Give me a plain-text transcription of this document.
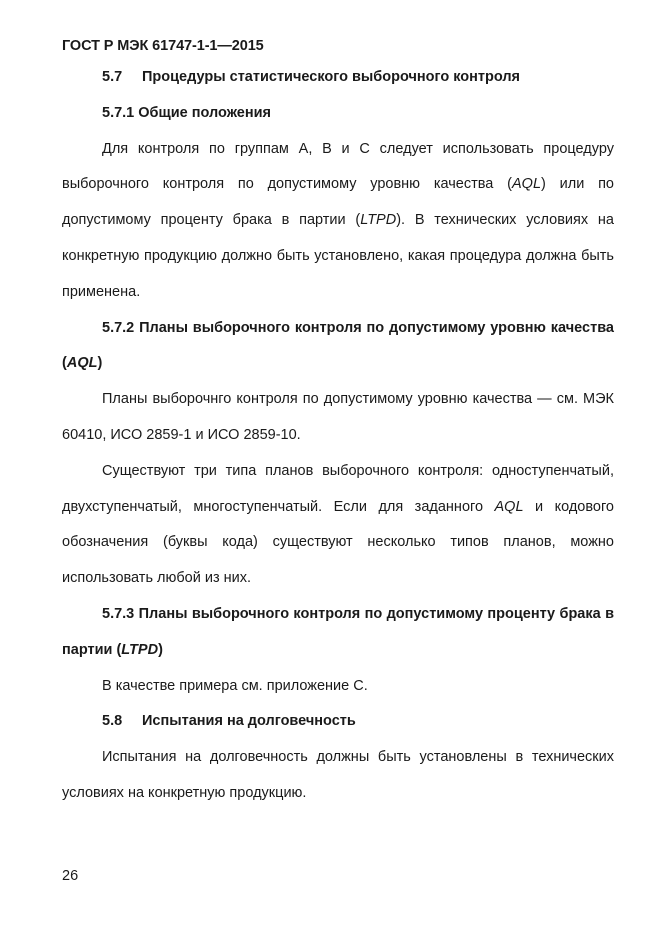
ГОСТ Р МЭК 61747-1-1—2015
5.7 Процедуры статистического выборочного контроля
5.7.1 Общие положения

Для контроля по группам A, B и C следует использовать процедуру выборочного контроля по допустимому уровню качества (AQL) или по допустимому проценту брака в партии (LTPD). В технических условиях на конкретную продукцию должно быть установлено, какая процедура должна быть применена.

5.7.2 Планы выборочного контроля по допустимому уровню качества (AQL)

Планы выборочнго контроля по допустимому уровню качества — см. МЭК 60410, ИСО 2859-1 и ИСО 2859-10.

Существуют три типа планов выборочного контроля: одноступенчатый, двухступенчатый, многоступенчатый. Если для заданного AQL и кодового обозначения (буквы кода) существуют несколько типов планов, можно использовать любой из них.

5.7.3 Планы выборочного контроля по допустимому проценту брака в партии (LTPD)

В качестве примера см. приложение C.

5.8 Испытания на долговечность

Испытания на долговечность должны быть установлены в технических условиях на конкретную продукцию.

26
